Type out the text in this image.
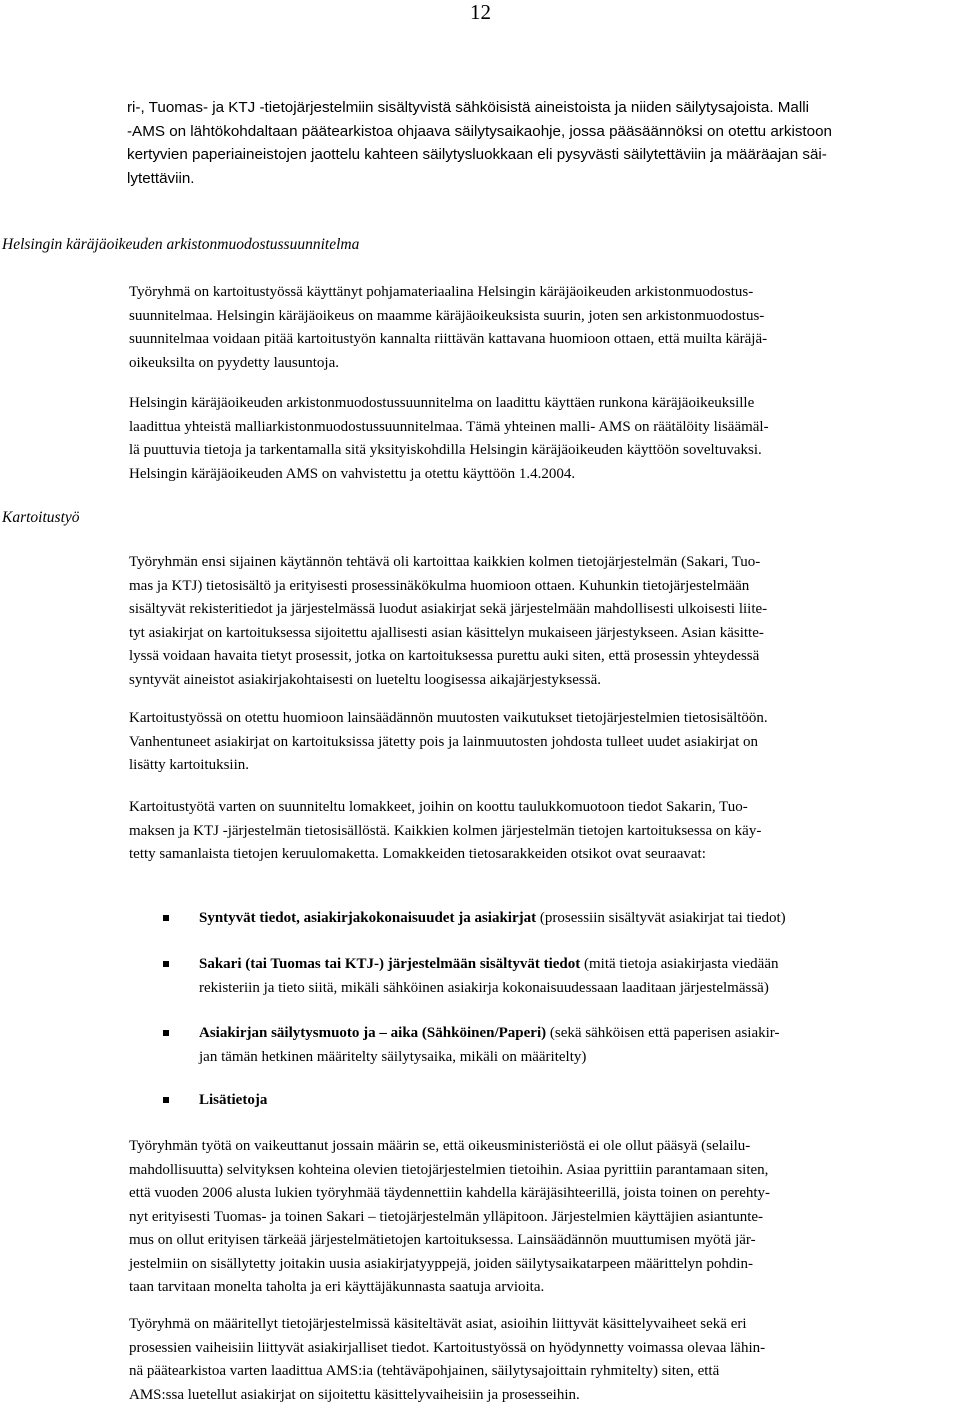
12
ri-, Tuomas- ja KTJ -tietojärjestelmiin sisältyvistä sähköisistä aineistoista ja niiden säilytysajoista. Malli
-AMS on lähtökohdaltaan päätearkistoa ohjaava säilytysaikaohje, jossa pääsäännöksi on otettu arkistoon
kertyvien paperiaineistojen jaottelu kahteen säilytysluokkaan eli pysyvästi säilytettäviin ja määräajan säi-
lytettäviin.
Helsingin käräjäoikeuden arkistonmuodostussuunnitelma
Työryhmä on kartoitustyössä käyttänyt pohjamateriaalina Helsingin käräjäoikeuden arkistonmuodostus-
suunnitelmaa. Helsingin käräjäoikeus on maamme käräjäoikeuksista suurin, joten sen arkistonmuodostus-
suunnitelmaa voidaan pitää kartoitustyön kannalta riittävän kattavana huomioon ottaen, että muilta käräjä-
oikeuksilta on pyydetty lausuntoja.
Helsingin käräjäoikeuden arkistonmuodostussuunnitelma on laadittu käyttäen runkona käräjäoikeuksille
laadittua yhteistä malliarkistonmuodostussuunnitelmaa. Tämä yhteinen malli- AMS on räätälöity lisäämäl-
lä puuttuvia tietoja ja tarkentamalla sitä yksityiskohdilla Helsingin käräjäoikeuden käyttöön soveltuvaksi.
Helsingin käräjäoikeuden AMS on vahvistettu ja otettu käyttöön 1.4.2004.
Kartoitustyö
Työryhmän ensi sijainen käytännön tehtävä oli kartoittaa kaikkien kolmen tietojärjestelmän (Sakari, Tuo-
mas ja KTJ) tietosisältö ja erityisesti prosessinäkökulma huomioon ottaen. Kuhunkin tietojärjestelmään
sisältyvät rekisteritiedot ja järjestelmässä luodut asiakirjat sekä järjestelmään mahdollisesti ulkoisesti liite-
tyt asiakirjat on kartoituksessa sijoitettu ajallisesti asian käsittelyn mukaiseen järjestykseen. Asian käsitte-
lyssä voidaan havaita tietyt prosessit, jotka on kartoituksessa purettu auki siten, että prosessin yhteydessä
syntyvät aineistot asiakirjakohtaisesti on lueteltu loogisessa aikajärjestyksessä.
Kartoitustyössä on otettu huomioon lainsäädännön muutosten vaikutukset tietojärjestelmien tietosisältöön.
Vanhentuneet asiakirjat on kartoituksissa jätetty pois ja lainmuutosten johdosta tulleet uudet asiakirjat on
lisätty kartoituksiin.
Kartoitustyötä varten on suunniteltu lomakkeet, joihin on koottu taulukkomuotoon tiedot Sakarin, Tuo-
maksen ja KTJ -järjestelmän tietosisällöstä. Kaikkien kolmen järjestelmän tietojen kartoituksessa on käy-
tetty samanlaista tietojen keruulomaketta. Lomakkeiden tietosarakkeiden otsikot ovat seuraavat:
Syntyvät tiedot, asiakirjakokonaisuudet ja asiakirjat (prosessiin sisältyvät asiakirjat tai tiedot)
Sakari (tai Tuomas tai KTJ-) järjestelmään sisältyvät tiedot (mitä tietoja asiakirjasta viedään
rekisteriin ja tieto siitä, mikäli sähköinen asiakirja kokonaisuudessaan laaditaan järjestelmässä)
Asiakirjan säilytysmuoto ja – aika (Sähköinen/Paperi) (sekä sähköisen että paperisen asiakir-
jan tämän hetkinen määritelty säilytysaika, mikäli on määritelty)
Lisätietoja
Työryhmän työtä on vaikeuttanut jossain määrin se, että oikeusministeriöstä ei ole ollut pääsyä (selailu-
mahdollisuutta) selvityksen kohteina olevien tietojärjestelmien tietoihin. Asiaa pyrittiin parantamaan siten,
että vuoden 2006 alusta lukien työryhmää täydennettiin kahdella käräjäsihteerillä, joista toinen on perehty-
nyt erityisesti Tuomas- ja toinen Sakari – tietojärjestelmän ylläpitoon. Järjestelmien käyttäjien asiantunte-
mus on ollut erityisen tärkeää järjestelmätietojen kartoituksessa. Lainsäädännön muuttumisen myötä jär-
jestelmiin on sisällytetty joitakin uusia asiakirjatyyppejä, joiden säilytysaikatarpeen määrittelyn pohdin-
taan tarvitaan monelta taholta ja eri käyttäjäkunnasta saatuja arvioita.
Työryhmä on määritellyt tietojärjestelmissä käsiteltävät asiat, asioihin liittyvät käsittelyvaiheet sekä eri
prosessien vaiheisiin liittyvät asiakirjalliset tiedot. Kartoitustyössä on hyödynnetty voimassa olevaa lähin-
nä päätearkistoa varten laadittua AMS:ia (tehtäväpohjainen, säilytysajoittain ryhmitelty) siten, että
AMS:ssa luetellut asiakirjat on sijoitettu käsittelyvaiheisiin ja prosesseihin.
